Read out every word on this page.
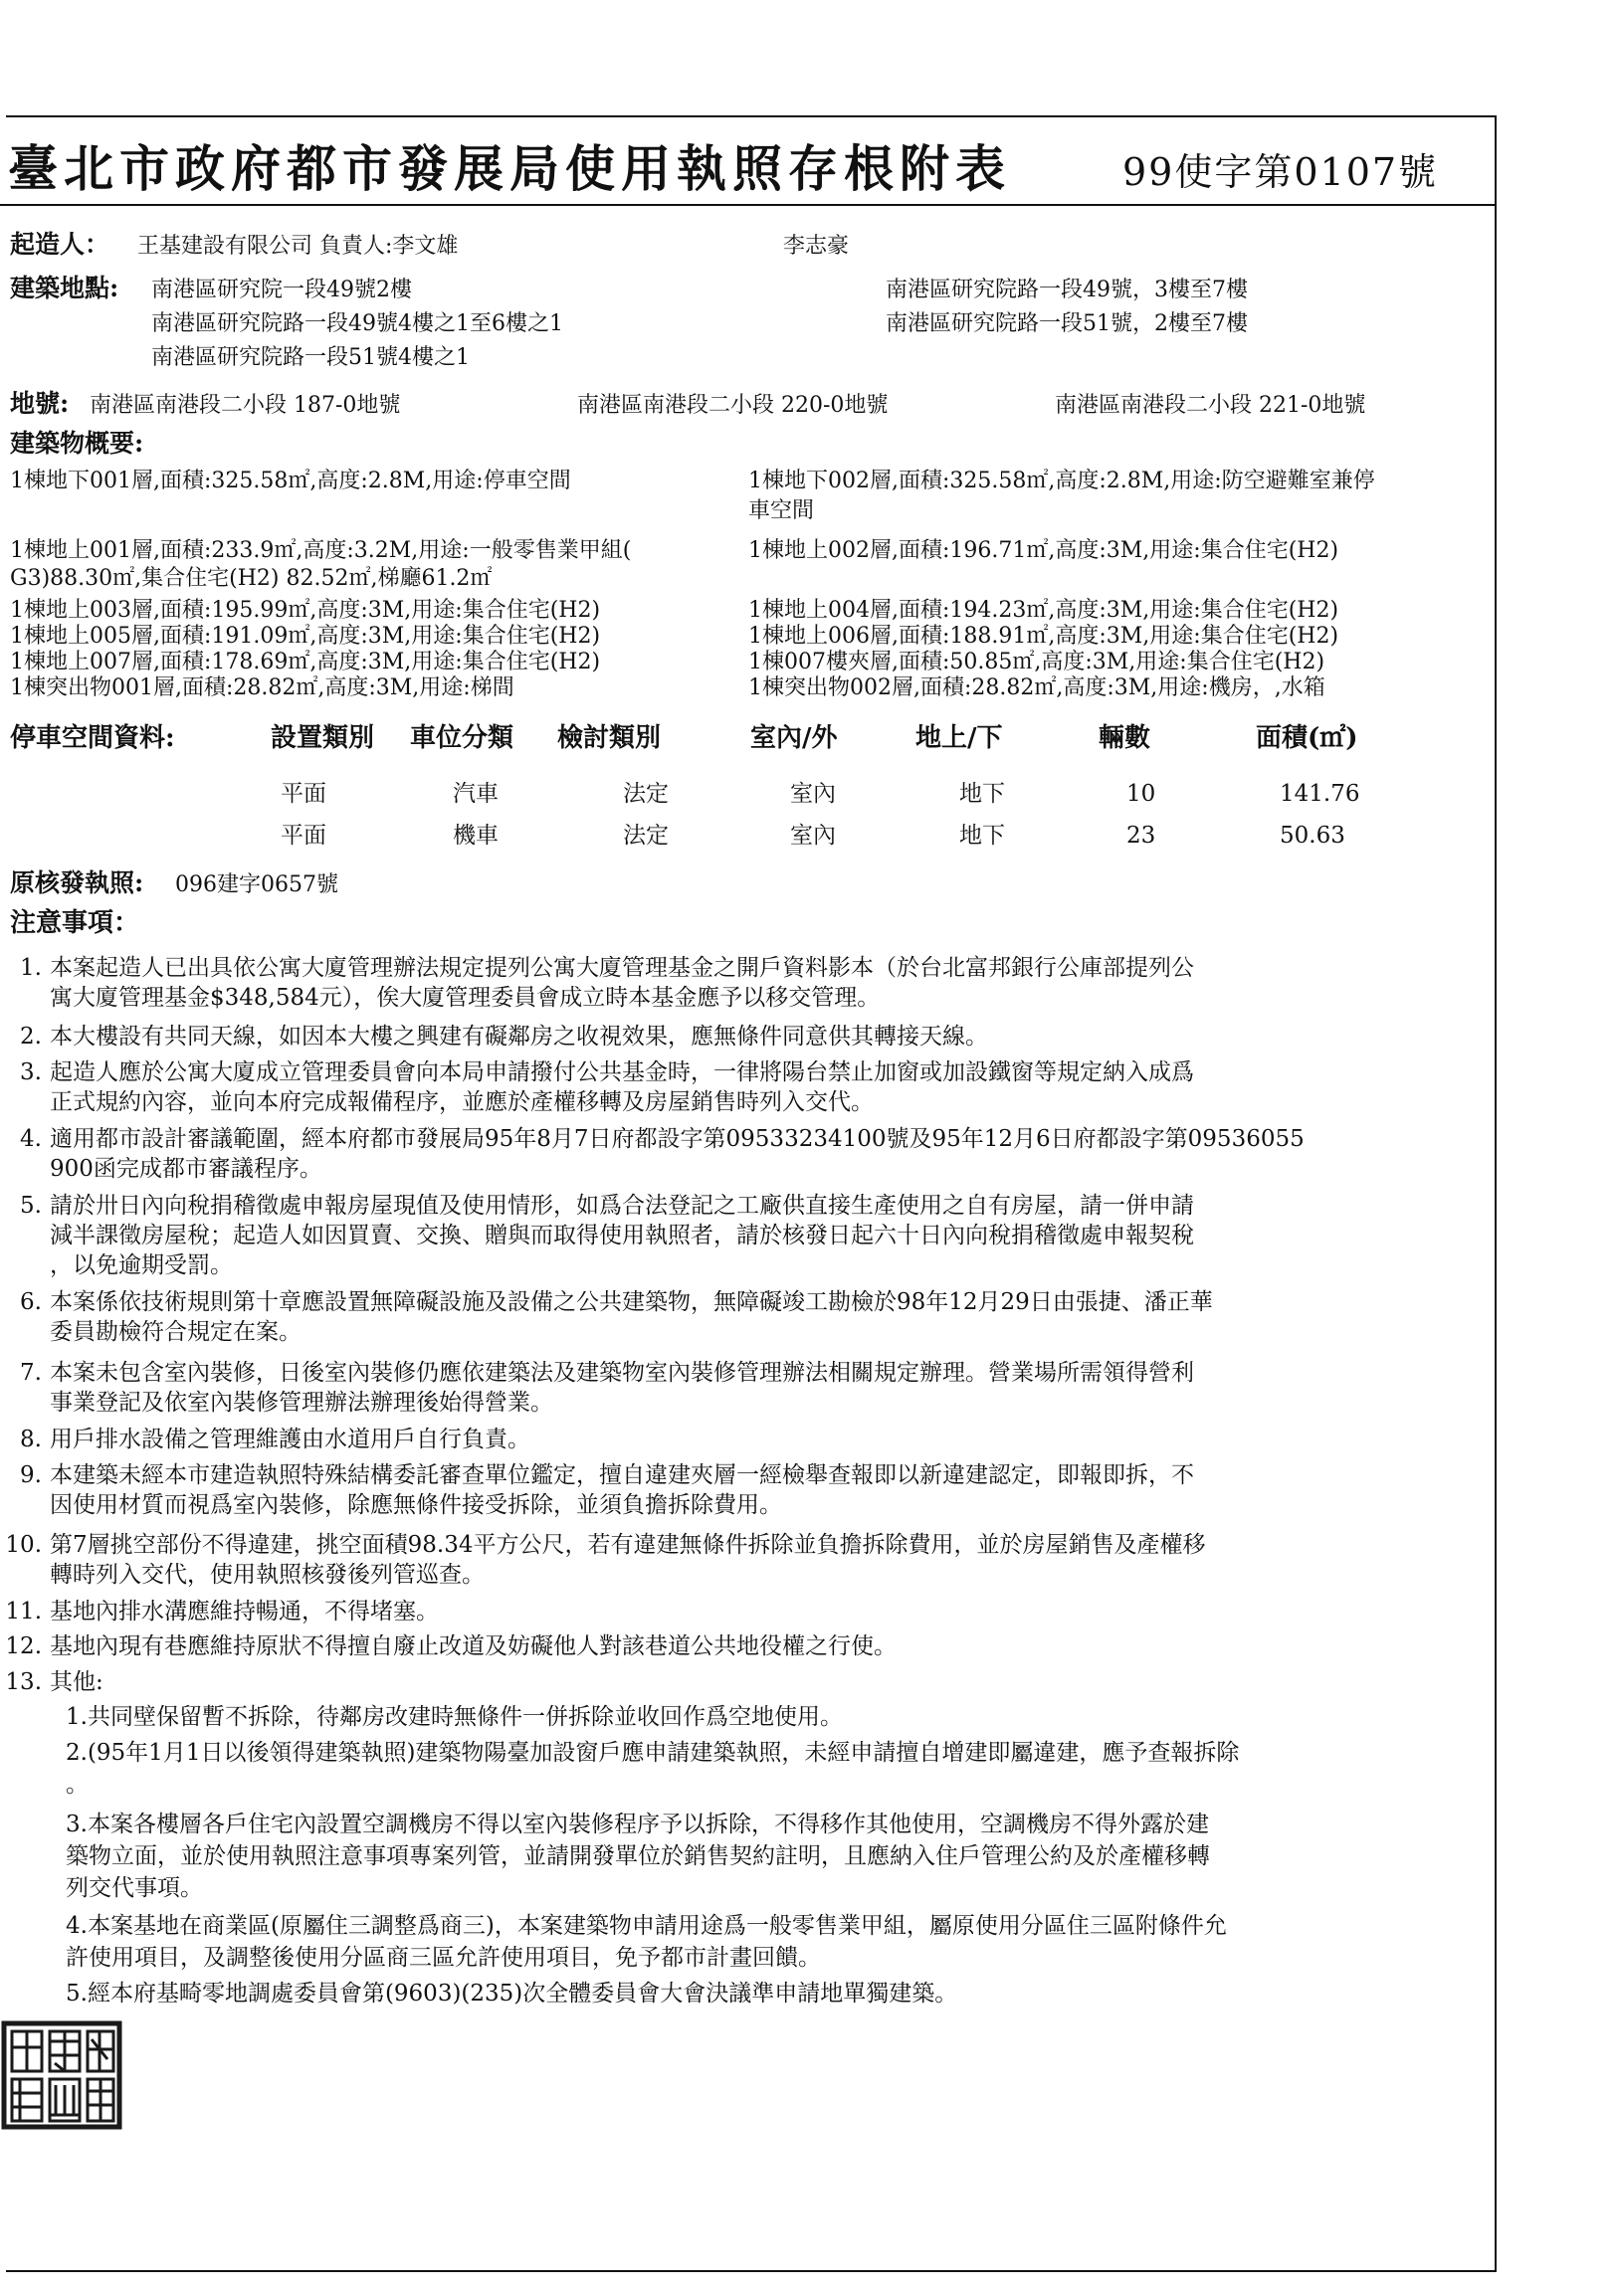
臺北市政府都市發展局使用執照存根附表	99使字第0107號
起造人： 王基建設有限公司 負責人:李文雄	李志豪
建築地點: 南港區研究院一段49號2樓
南港區研究院路一段49號4樓之1至6樓之1
南港區研究院路一段51號4樓之1
南港區研究院路一段49號，3樓至7樓
南港區研究院路一段51號，2樓至7樓
地號: 南港區南港段二小段 187-0地號	南港區南港段二小段 220-0地號	南港區南港段二小段 221-0地號
建築物概要:
1棟地下001層,面積:325.58㎡,高度:2.8M,用途:停車空間	1棟地下002層,面積:325.58㎡,高度:2.8M,用途:防空避難室兼停
車空間
1棟地上001層,面積:233.9㎡,高度:3.2M,用途:一般零售業甲組(	1棟地上002層,面積:196.71㎡,高度:3M,用途:集合住宅(H2)
G3)88.30㎡,集合住宅(H2) 82.52㎡,梯廳61.2㎡
1棟地上003層,面積:195.99㎡,高度:3M,用途:集合住宅(H2)	1棟地上004層,面積:194.23㎡,高度:3M,用途:集合住宅(H2)
1棟地上005層,面積:191.09㎡,高度:3M,用途:集合住宅(H2)	1棟地上006層,面積:188.91㎡,高度:3M,用途:集合住宅(H2)
1棟地上007層,面積:178.69㎡,高度:3M,用途:集合住宅(H2)	1棟007樓夾層,面積:50.85㎡,高度:3M,用途:集合住宅(H2)
1棟突出物001層,面積:28.82㎡,高度:3M,用途:梯間	1棟突出物002層,面積:28.82㎡,高度:3M,用途:機房，,水箱
停車空間資料:	設置類別 車位分類 檢討類別	室內/外	地上/下	輛數	面積(㎡)
平面	汽車	法定	室內	地下	10	141.76
平面	機車	法定	室內	地下	23	50.63
原核發執照: 096建字0657號
注意事項：
1. 本案起造人已出具依公寓大廈管理辦法規定提列公寓大廈管理基金之開戶資料影本（於台北富邦銀行公庫部提列公
寓大廈管理基金$348,584元），俟大廈管理委員會成立時本基金應予以移交管理。
2. 本大樓設有共同天線，如因本大樓之興建有礙鄰房之收視效果，應無條件同意供其轉接天線。
3. 起造人應於公寓大廈成立管理委員會向本局申請撥付公共基金時，一律將陽台禁止加窗或加設鐵窗等規定納入成爲
正式規約內容，並向本府完成報備程序，並應於產權移轉及房屋銷售時列入交代。
4. 適用都市設計審議範圍，經本府都市發展局95年8月7日府都設字第09533234100號及95年12月6日府都設字第09536055
900函完成都市審議程序。
5. 請於卅日內向稅捐稽徵處申報房屋現值及使用情形，如爲合法登記之工廠供直接生產使用之自有房屋，請一併申請
減半課徵房屋稅；起造人如因買賣、交換、贈與而取得使用執照者，請於核發日起六十日內向稅捐稽徵處申報契稅
，以免逾期受罰。
6. 本案係依技術規則第十章應設置無障礙設施及設備之公共建築物，無障礙竣工勘檢於98年12月29日由張捷、潘正華
委員勘檢符合規定在案。
7. 本案未包含室內裝修，日後室內裝修仍應依建築法及建築物室內裝修管理辦法相關規定辦理。營業場所需領得營利
事業登記及依室內裝修管理辦法辦理後始得營業。
8. 用戶排水設備之管理維護由水道用戶自行負責。
9. 本建築未經本市建造執照特殊結構委託審查單位鑑定，擅自違建夾層一經檢舉查報即以新違建認定，即報即拆，不
因使用材質而視爲室內裝修，除應無條件接受拆除，並須負擔拆除費用。
10. 第7層挑空部份不得違建，挑空面積98.34平方公尺，若有違建無條件拆除並負擔拆除費用，並於房屋銷售及產權移
轉時列入交代，使用執照核發後列管巡查。
11. 基地內排水溝應維持暢通，不得堵塞。
12. 基地內現有巷應維持原狀不得擅自廢止改道及妨礙他人對該巷道公共地役權之行使。
13. 其他:
1.共同壁保留暫不拆除，待鄰房改建時無條件一併拆除並收回作爲空地使用。
2.(95年1月1日以後領得建築執照)建築物陽臺加設窗戶應申請建築執照，未經申請擅自增建即屬違建，應予查報拆除
。
3.本案各樓層各戶住宅內設置空調機房不得以室內裝修程序予以拆除，不得移作其他使用，空調機房不得外露於建
築物立面，並於使用執照注意事項專案列管，並請開發單位於銷售契約註明，且應納入住戶管理公約及於產權移轉
列交代事項。
4.本案基地在商業區(原屬住三調整爲商三)，本案建築物申請用途爲一般零售業甲組，屬原使用分區住三區附條件允
許使用項目，及調整後使用分區商三區允許使用項目，免予都市計畫回饋。
5.經本府基畸零地調處委員會第(9603)(235)次全體委員會大會決議準申請地單獨建築。
